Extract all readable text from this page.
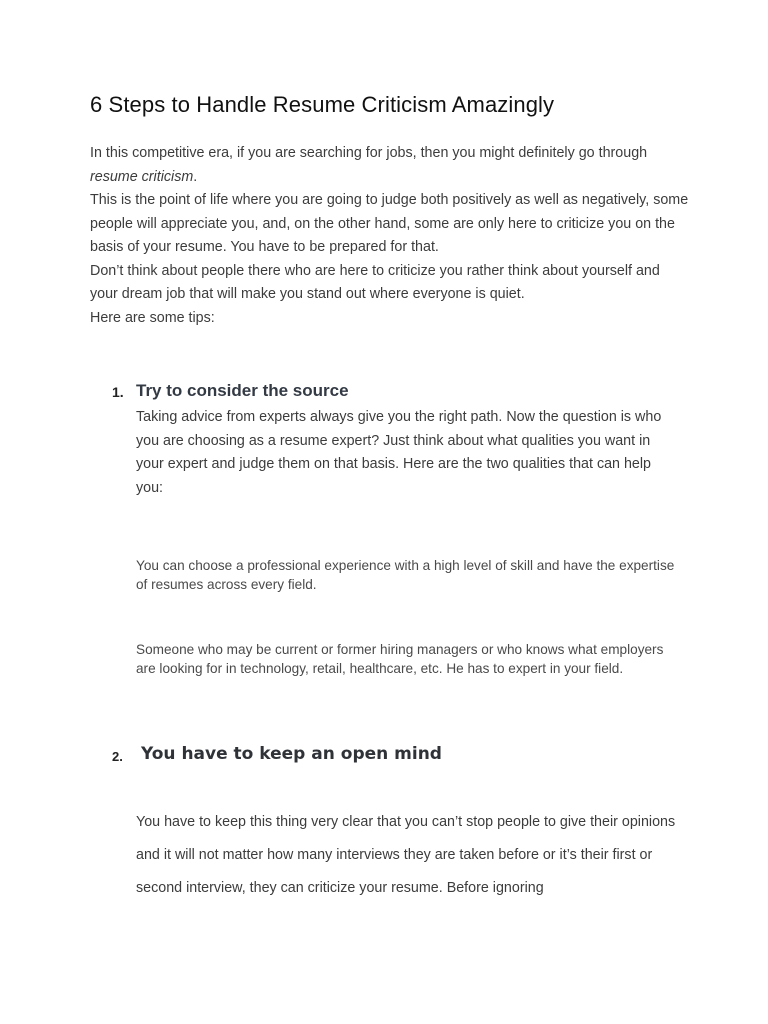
6 Steps to Handle Resume Criticism Amazingly

In this competitive era, if you are searching for jobs, then you might definitely go through resume criticism.

This is the point of life where you are going to judge both positively as well as negatively, some people will appreciate you, and, on the other hand, some are only here to criticize you on the basis of your resume. You have to be prepared for that.

Don’t think about people there who are here to criticize you rather think about yourself and your dream job that will make you stand out where everyone is quiet.

Here are some tips:

1. Try to consider the source

Taking advice from experts always give you the right path. Now the question is who you are choosing as a resume expert? Just think about what qualities you want in your expert and judge them on that basis. Here are the two qualities that can help you:

You can choose a professional experience with a high level of skill and have the expertise of resumes across every field.

Someone who may be current or former hiring managers or who knows what employers are looking for in technology, retail, healthcare, etc. He has to expert in your field.

2. You have to keep an open mind

You have to keep this thing very clear that you can’t stop people to give their opinions and it will not matter how many interviews they are taken before or it’s their first or second interview, they can criticize your resume. Before ignoring
